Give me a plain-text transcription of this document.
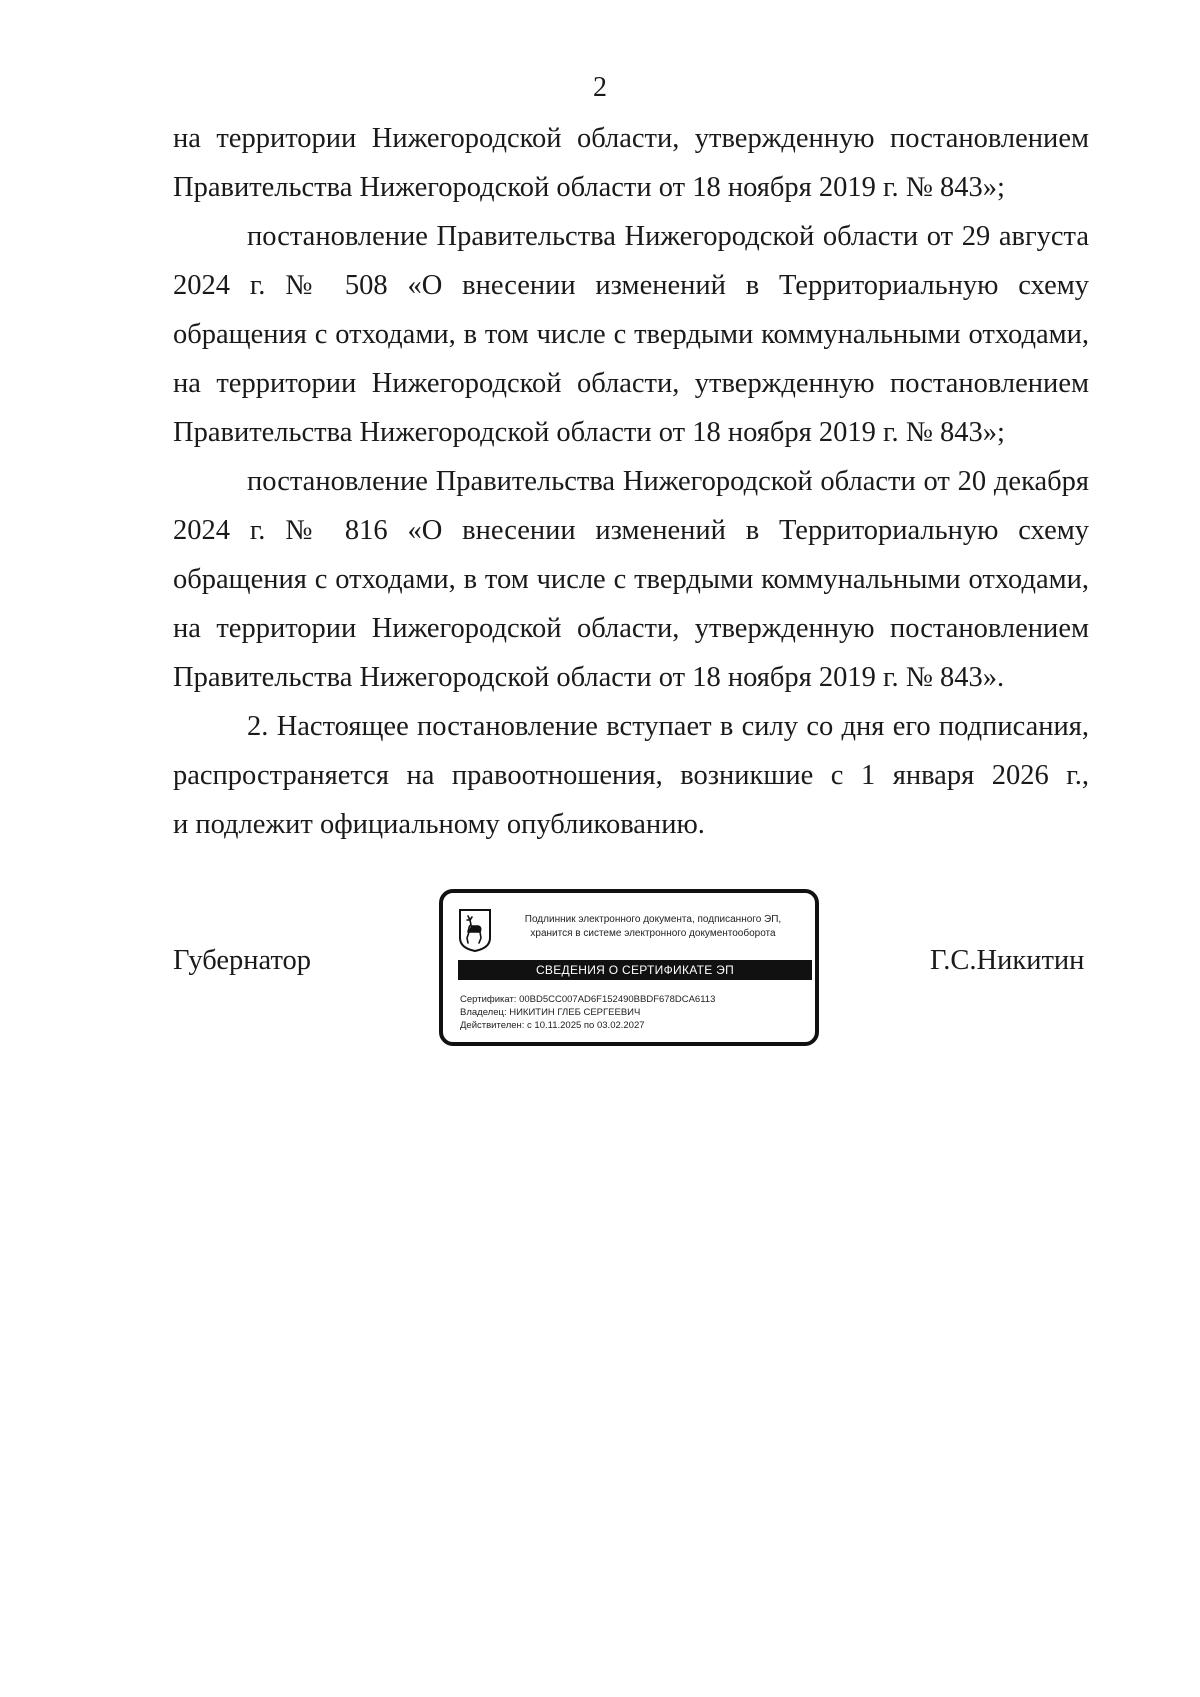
2

на территории Нижегородской области, утвержденную постановлением
Правительства Нижегородской области от 18 ноября 2019 г. № 843»;

постановление Правительства Нижегородской области от 29 августа
2024 г. № 508 «О внесении изменений в Территориальную схему
обращения с отходами, в том числе с твердыми коммунальными отходами,
на территории Нижегородской области, утвержденную постановлением
Правительства Нижегородской области от 18 ноября 2019 г. № 843»;

постановление Правительства Нижегородской области от 20 декабря
2024 г. № 816 «О внесении изменений в Территориальную схему
обращения с отходами, в том числе с твердыми коммунальными отходами,
на территории Нижегородской области, утвержденную постановлением
Правительства Нижегородской области от 18 ноября 2019 г. № 843».

2. Настоящее постановление вступает в силу со дня его подписания,
распространяется на правоотношения, возникшие с 1 января 2026 г.,
и подлежит официальному опубликованию.

Губернатор	Г.С.Никитин
Подлинник электронного документа, подписанного ЭП,
хранится в системе электронного документооборота
СВЕДЕНИЯ О СЕРТИФИКАТЕ ЭП
Сертификат: 00BD5CC007AD6F152490BBDF678DCA6113
Владелец: НИКИТИН ГЛЕБ СЕРГЕЕВИЧ
Действителен: с 10.11.2025 по 03.02.2027
